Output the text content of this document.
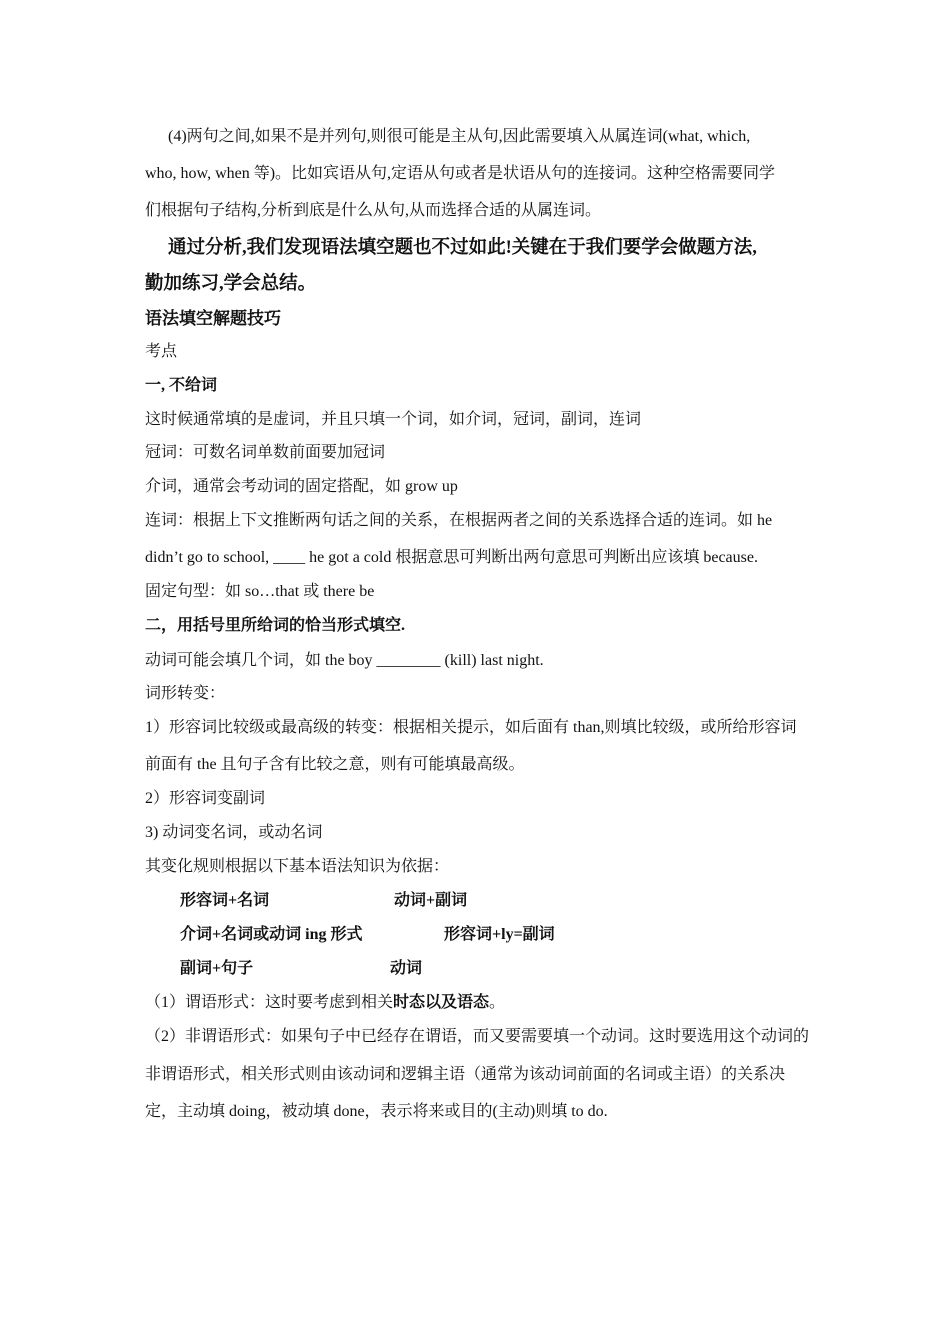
(4)两句之间,如果不是并列句,则很可能是主从句,因此需要填入从属连词(what, which,
who, how, when 等)。比如宾语从句,定语从句或者是状语从句的连接词。这种空格需要同学
们根据句子结构,分析到底是什么从句,从而选择合适的从属连词。
通过分析,我们发现语法填空题也不过如此!关键在于我们要学会做题方法,
勤加练习,学会总结。
语法填空解题技巧
考点
一, 不给词
这时候通常填的是虚词，并且只填一个词，如介词，冠词，副词，连词
冠词：可数名词单数前面要加冠词
介词，通常会考动词的固定搭配，如 grow up
连词：根据上下文推断两句话之间的关系，在根据两者之间的关系选择合适的连词。如 he
didn’t go to school, ____ he got a cold 根据意思可判断出两句意思可判断出应该填 because.
固定句型：如 so…that 或 there be
二，用括号里所给词的恰当形式填空.
动词可能会填几个词，如 the boy ________ (kill) last night.
词形转变：
1）形容词比较级或最高级的转变：根据相关提示，如后面有 than,则填比较级，或所给形容词
前面有 the 且句子含有比较之意，则有可能填最高级。
2）形容词变副词
3) 动词变名词，或动名词
其变化规则根据以下基本语法知识为依据：
形容词+名词	动词+副词
介词+名词或动词 ing 形式	形容词+ly=副词
副词+句子	动词
（1）谓语形式：这时要考虑到相关时态以及语态。
（2）非谓语形式：如果句子中已经存在谓语，而又要需要填一个动词。这时要选用这个动词的
非谓语形式，相关形式则由该动词和逻辑主语（通常为该动词前面的名词或主语）的关系决
定，主动填 doing，被动填 done，表示将来或目的(主动)则填 to do.
